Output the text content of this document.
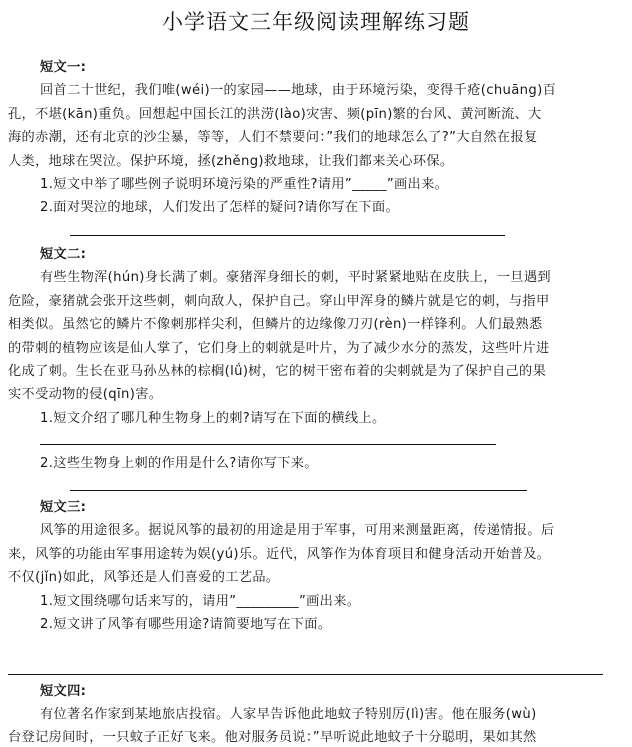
小学语文三年级阅读理解练习题
短文一:
回首二十世纪，我们唯(wéi)一的家园——地球，由于环境污染，变得千疮(chuāng)百
孔，不堪(kān)重负。回想起中国长江的洪涝(lào)灾害、频(pīn)繁的台风、黄河断流、大
海的赤潮，还有北京的沙尘暴，等等，人们不禁要问：”我们的地球怎么了?”大自然在报复
人类，地球在哭泣。保护环境，拯(zhěng)救地球，让我们都来关心环保。
1.短文中举了哪些例子说明环境污染的严重性?请用”_____”画出来。
2.面对哭泣的地球，人们发出了怎样的疑问?请你写在下面。
短文二:
有些生物浑(hún)身长满了刺。豪猪浑身细长的刺，平时紧紧地贴在皮肤上，一旦遇到
危险，豪猪就会张开这些刺，刺向敌人，保护自己。穿山甲浑身的鳞片就是它的刺，与指甲
相类似。虽然它的鳞片不像刺那样尖利，但鳞片的边缘像刀刃(rèn)一样锋利。人们最熟悉
的带刺的植物应该是仙人掌了，它们身上的刺就是叶片，为了减少水分的蒸发，这些叶片进
化成了刺。生长在亚马孙丛林的棕榈(lǘ)树，它的树干密布着的尖刺就是为了保护自己的果
实不受动物的侵(qīn)害。
1.短文介绍了哪几种生物身上的刺?请写在下面的横线上。
2.这些生物身上刺的作用是什么?请你写下来。
短文三:
风筝的用途很多。据说风筝的最初的用途是用于军事，可用来测量距离，传递情报。后
来，风筝的功能由军事用途转为娱(yú)乐。近代，风筝作为体育项目和健身活动开始普及。
不仅(jǐn)如此，风筝还是人们喜爱的工艺品。
1.短文围绕哪句话来写的，请用”_________”画出来。
2.短文讲了风筝有哪些用途?请简要地写在下面。
短文四:
有位著名作家到某地旅店投宿。人家早告诉他此地蚊子特别厉(lì)害。他在服务(wù)
台登记房间时，一只蚊子正好飞来。他对服务员说：”早听说此地蚊子十分聪明，果如其然
